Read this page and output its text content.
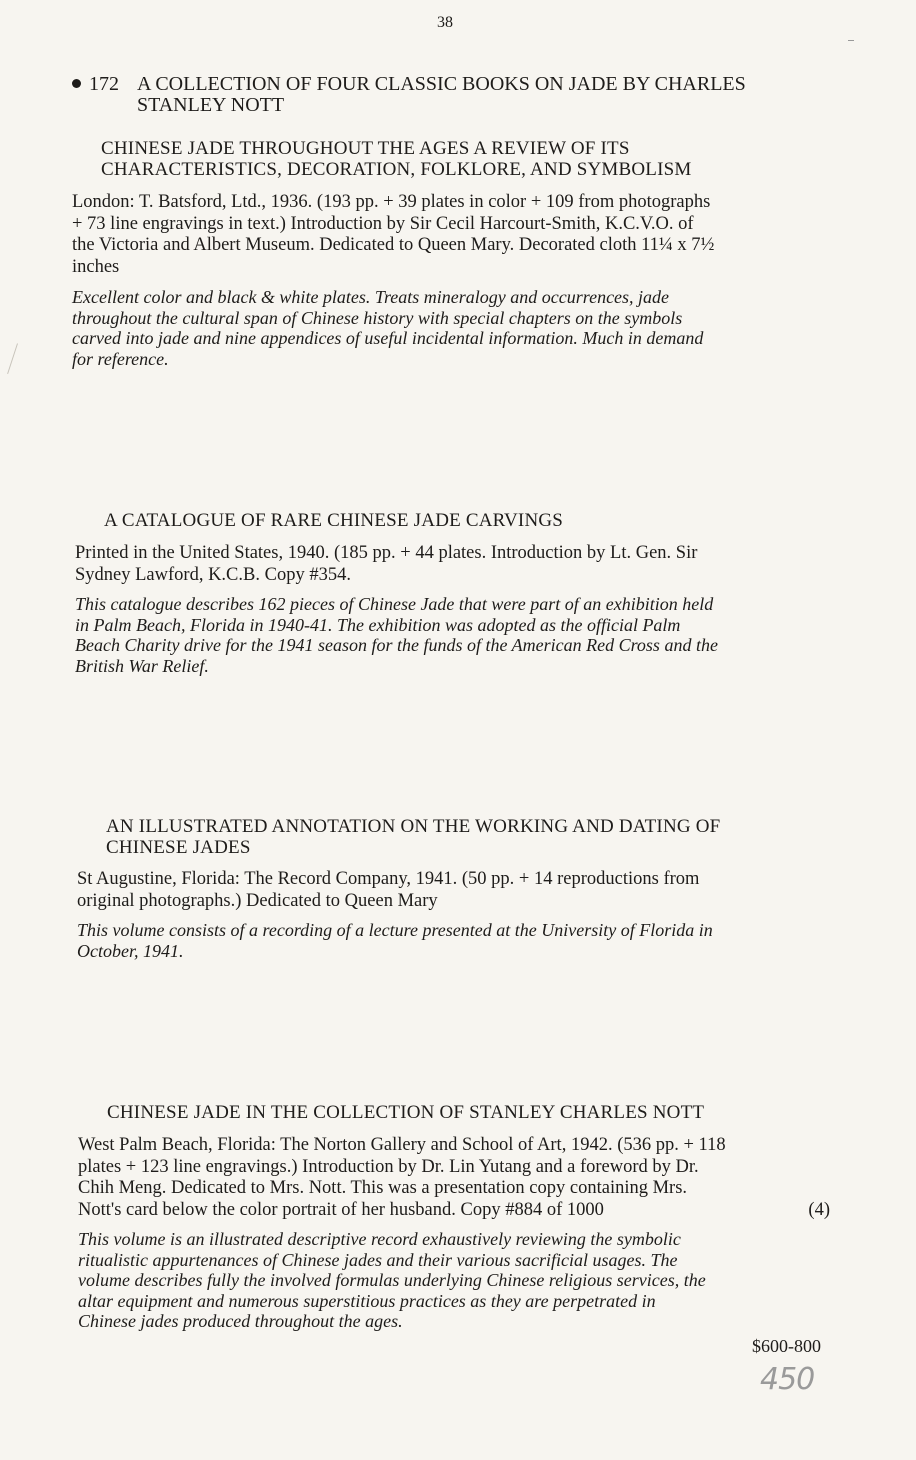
38
172 A COLLECTION OF FOUR CLASSIC BOOKS ON JADE BY CHARLES
STANLEY NOTT
CHINESE JADE THROUGHOUT THE AGES A REVIEW OF ITS
CHARACTERISTICS, DECORATION, FOLKLORE, AND SYMBOLISM
London: T. Batsford, Ltd., 1936. (193 pp. + 39 plates in color + 109 from photographs
+ 73 line engravings in text.) Introduction by Sir Cecil Harcourt-Smith, K.C.V.O. of
the Victoria and Albert Museum. Dedicated to Queen Mary. Decorated cloth 11¼ x 7½
inches
Excellent color and black & white plates. Treats mineralogy and occurrences, jade
throughout the cultural span of Chinese history with special chapters on the symbols
carved into jade and nine appendices of useful incidental information. Much in demand
for reference.
A CATALOGUE OF RARE CHINESE JADE CARVINGS
Printed in the United States, 1940. (185 pp. + 44 plates. Introduction by Lt. Gen. Sir
Sydney Lawford, K.C.B. Copy #354.
This catalogue describes 162 pieces of Chinese Jade that were part of an exhibition held
in Palm Beach, Florida in 1940-41. The exhibition was adopted as the official Palm
Beach Charity drive for the 1941 season for the funds of the American Red Cross and the
British War Relief.
AN ILLUSTRATED ANNOTATION ON THE WORKING AND DATING OF
CHINESE JADES
St Augustine, Florida: The Record Company, 1941. (50 pp. + 14 reproductions from
original photographs.) Dedicated to Queen Mary
This volume consists of a recording of a lecture presented at the University of Florida in
October, 1941.
CHINESE JADE IN THE COLLECTION OF STANLEY CHARLES NOTT
West Palm Beach, Florida: The Norton Gallery and School of Art, 1942. (536 pp. + 118
plates + 123 line engravings.) Introduction by Dr. Lin Yutang and a foreword by Dr.
Chih Meng. Dedicated to Mrs. Nott. This was a presentation copy containing Mrs.
Nott's card below the color portrait of her husband. Copy #884 of 1000	(4)
This volume is an illustrated descriptive record exhaustively reviewing the symbolic
ritualistic appurtenances of Chinese jades and their various sacrificial usages. The
volume describes fully the involved formulas underlying Chinese religious services, the
altar equipment and numerous superstitious practices as they are perpetrated in
Chinese jades produced throughout the ages.
$600-800
450
